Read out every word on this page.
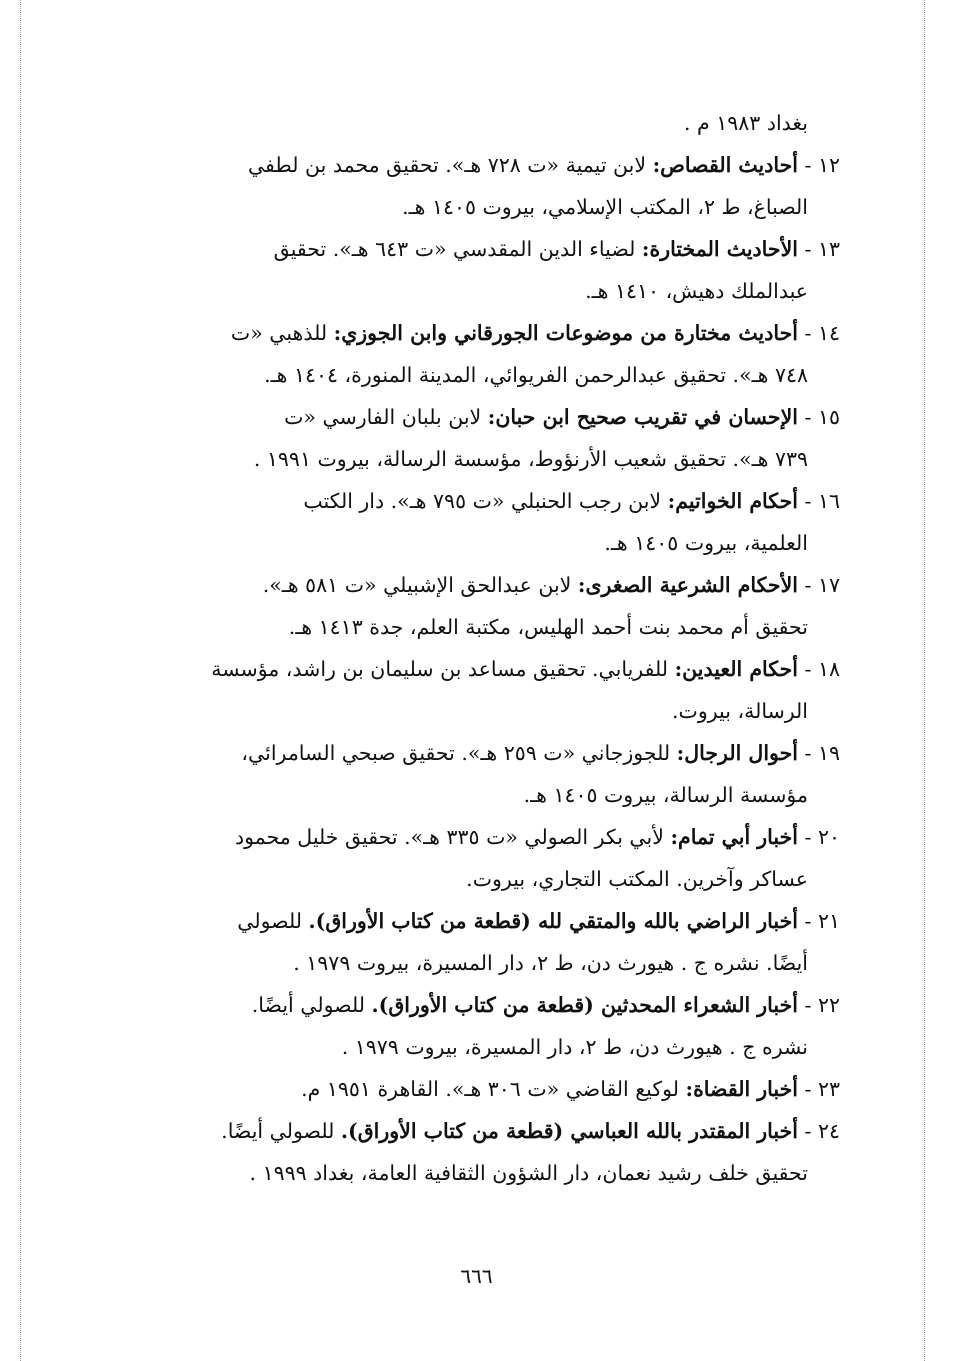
بغداد ١٩٨٣ م .
١٢ - أحاديث القصاص: لابن تيمية «ت ٧٢٨ هـ». تحقيق محمد بن لطفي
الصباغ، ط ٢، المكتب الإسلامي، بيروت ١٤٠٥ هـ.
١٣ - الأحاديث المختارة: لضياء الدين المقدسي «ت ٦٤٣ هـ». تحقيق
عبدالملك دهيش، ١٤١٠ هـ.
١٤ - أحاديث مختارة من موضوعات الجورقاني وابن الجوزي: للذهبي «ت
٧٤٨ هـ». تحقيق عبدالرحمن الفريوائي، المدينة المنورة، ١٤٠٤ هـ.
١٥ - الإحسان في تقريب صحيح ابن حبان: لابن بلبان الفارسي «ت
٧٣٩ هـ». تحقيق شعيب الأرنؤوط، مؤسسة الرسالة، بيروت ١٩٩١ .
١٦ - أحكام الخواتيم: لابن رجب الحنبلي «ت ٧٩٥ هـ». دار الكتب
العلمية، بيروت ١٤٠٥ هـ.
١٧ - الأحكام الشرعية الصغرى: لابن عبدالحق الإشبيلي «ت ٥٨١ هـ».
تحقيق أم محمد بنت أحمد الهليس، مكتبة العلم، جدة ١٤١٣ هـ.
١٨ - أحكام العيدين: للفريابي. تحقيق مساعد بن سليمان بن راشد، مؤسسة
الرسالة، بيروت.
١٩ - أحوال الرجال: للجوزجاني «ت ٢٥٩ هـ». تحقيق صبحي السامرائي،
مؤسسة الرسالة، بيروت ١٤٠٥ هـ.
٢٠ - أخبار أبي تمام: لأبي بكر الصولي «ت ٣٣٥ هـ». تحقيق خليل محمود
عساكر وآخرين. المكتب التجاري، بيروت.
٢١ - أخبار الراضي بالله والمتقي لله (قطعة من كتاب الأوراق). للصولي
أيضًا. نشره ج . هيورث دن، ط ٢، دار المسيرة، بيروت ١٩٧٩ .
٢٢ - أخبار الشعراء المحدثين (قطعة من كتاب الأوراق). للصولي أيضًا.
نشره ج . هيورث دن، ط ٢، دار المسيرة، بيروت ١٩٧٩ .
٢٣ - أخبار القضاة: لوكيع القاضي «ت ٣٠٦ هـ». القاهرة ١٩٥١ م.
٢٤ - أخبار المقتدر بالله العباسي (قطعة من كتاب الأوراق). للصولي أيضًا.
تحقيق خلف رشيد نعمان، دار الشؤون الثقافية العامة، بغداد ١٩٩٩ .
٦٦٦
